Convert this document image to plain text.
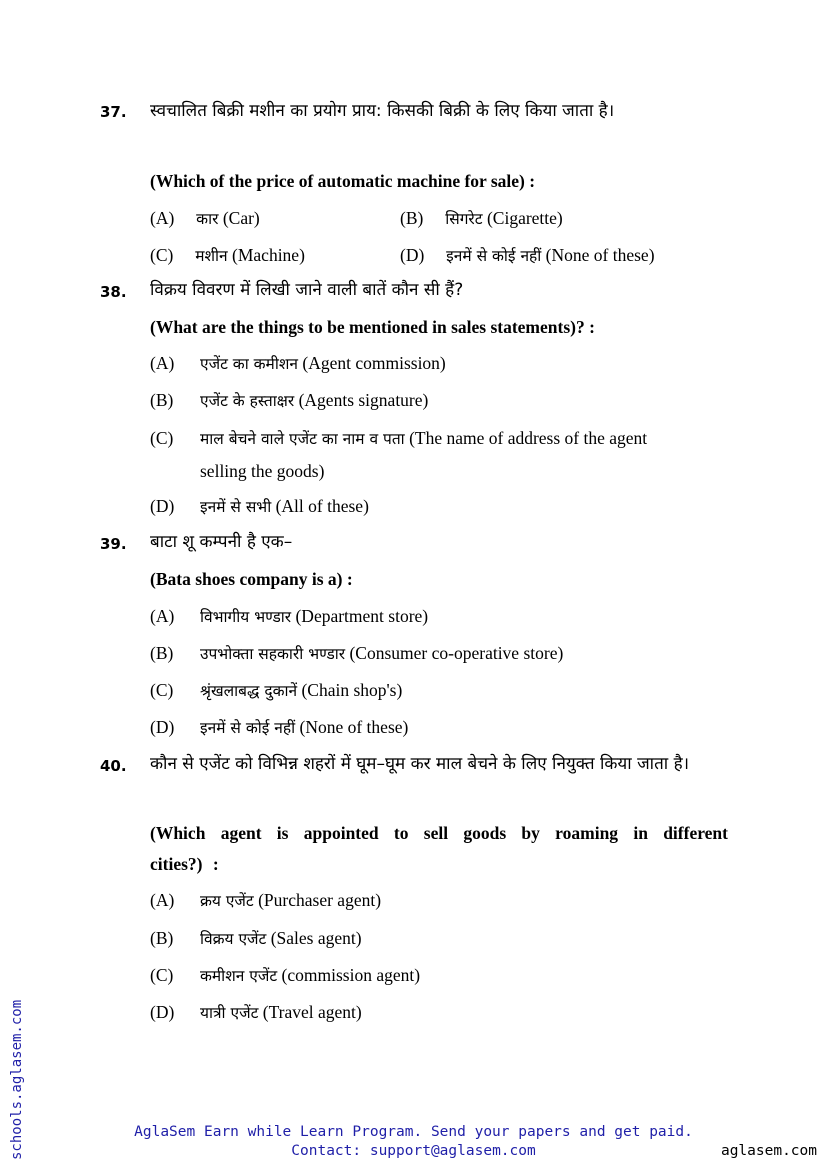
37. स्वचालित बिक्री मशीन का प्रयोग प्राय: किसकी बिक्री के लिए किया जाता है।
(Which of the price of automatic machine for sale) :
(A) कार (Car)	(B) सिगरेट (Cigarette)
(C) मशीन (Machine)	(D) इनमें से कोई नहीं (None of these)
38. विक्रय विवरण में लिखी जाने वाली बातें कौन सी हैं?
(What are the things to be mentioned in sales statements)? :
(A) एजेंट का कमीशन (Agent commission)
(B) एजेंट के हस्ताक्षर (Agents signature)
(C) माल बेचने वाले एजेंट का नाम व पता (The name of address of the agent selling the goods)
(D) इनमें से सभी (All of these)
39. बाटा शू कम्पनी है एक–
(Bata shoes company is a) :
(A) विभागीय भण्डार (Department store)
(B) उपभोक्ता सहकारी भण्डार (Consumer co-operative store)
(C) श्रृंखलाबद्ध दुकानें (Chain shop's)
(D) इनमें से कोई नहीं (None of these)
40. कौन से एजेंट को विभिन्न शहरों में घूम–घूम कर माल बेचने के लिए नियुक्त किया जाता है।
(Which agent is appointed to sell goods by roaming in different cities?) :
(A) क्रय एजेंट (Purchaser agent)
(B) विक्रय एजेंट (Sales agent)
(C) कमीशन एजेंट (commission agent)
(D) यात्री एजेंट (Travel agent)
schools.aglasem.com	AglaSem Earn while Learn Program. Send your papers and get paid.
Contact: support@aglasem.com	aglasem.com
